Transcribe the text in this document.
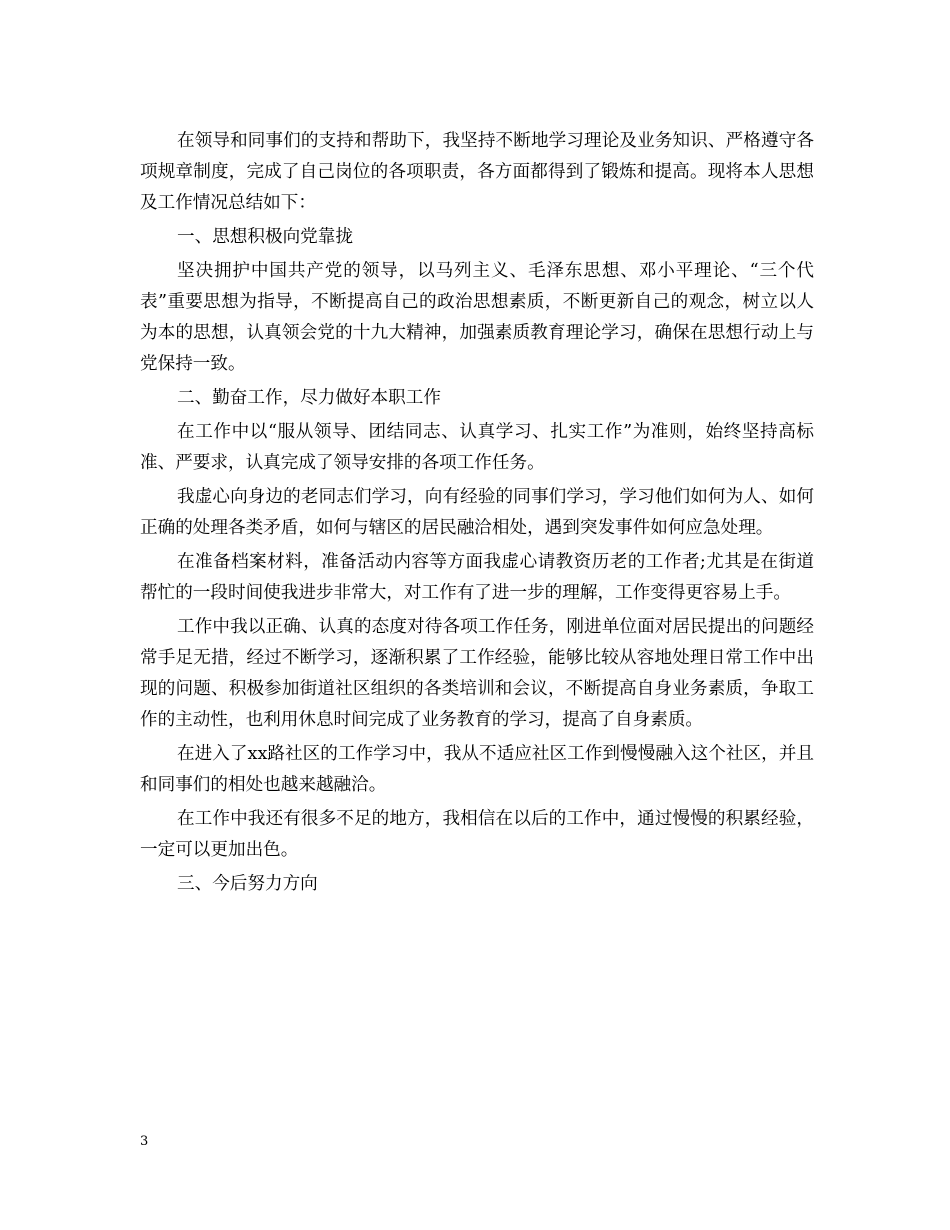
在领导和同事们的支持和帮助下，我坚持不断地学习理论及业务知识、严格遵守各项规章制度，完成了自己岗位的各项职责，各方面都得到了锻炼和提高。现将本人思想及工作情况总结如下：

一、思想积极向党靠拢

坚决拥护中国共产党的领导，以马列主义、毛泽东思想、邓小平理论、“三个代表”重要思想为指导，不断提高自己的政治思想素质，不断更新自己的观念，树立以人为本的思想，认真领会党的十九大精神，加强素质教育理论学习，确保在思想行动上与党保持一致。

二、勤奋工作，尽力做好本职工作

在工作中以“服从领导、团结同志、认真学习、扎实工作”为准则，始终坚持高标准、严要求，认真完成了领导安排的各项工作任务。

我虚心向身边的老同志们学习，向有经验的同事们学习，学习他们如何为人、如何正确的处理各类矛盾，如何与辖区的居民融洽相处，遇到突发事件如何应急处理。

在准备档案材料，准备活动内容等方面我虚心请教资历老的工作者;尤其是在街道帮忙的一段时间使我进步非常大，对工作有了进一步的理解，工作变得更容易上手。

工作中我以正确、认真的态度对待各项工作任务，刚进单位面对居民提出的问题经常手足无措，经过不断学习，逐渐积累了工作经验，能够比较从容地处理日常工作中出现的问题、积极参加街道社区组织的各类培训和会议，不断提高自身业务素质，争取工作的主动性，也利用休息时间完成了业务教育的学习，提高了自身素质。

在进入了xx路社区的工作学习中，我从不适应社区工作到慢慢融入这个社区，并且和同事们的相处也越来越融洽。

在工作中我还有很多不足的地方，我相信在以后的工作中，通过慢慢的积累经验，一定可以更加出色。

三、今后努力方向

3
